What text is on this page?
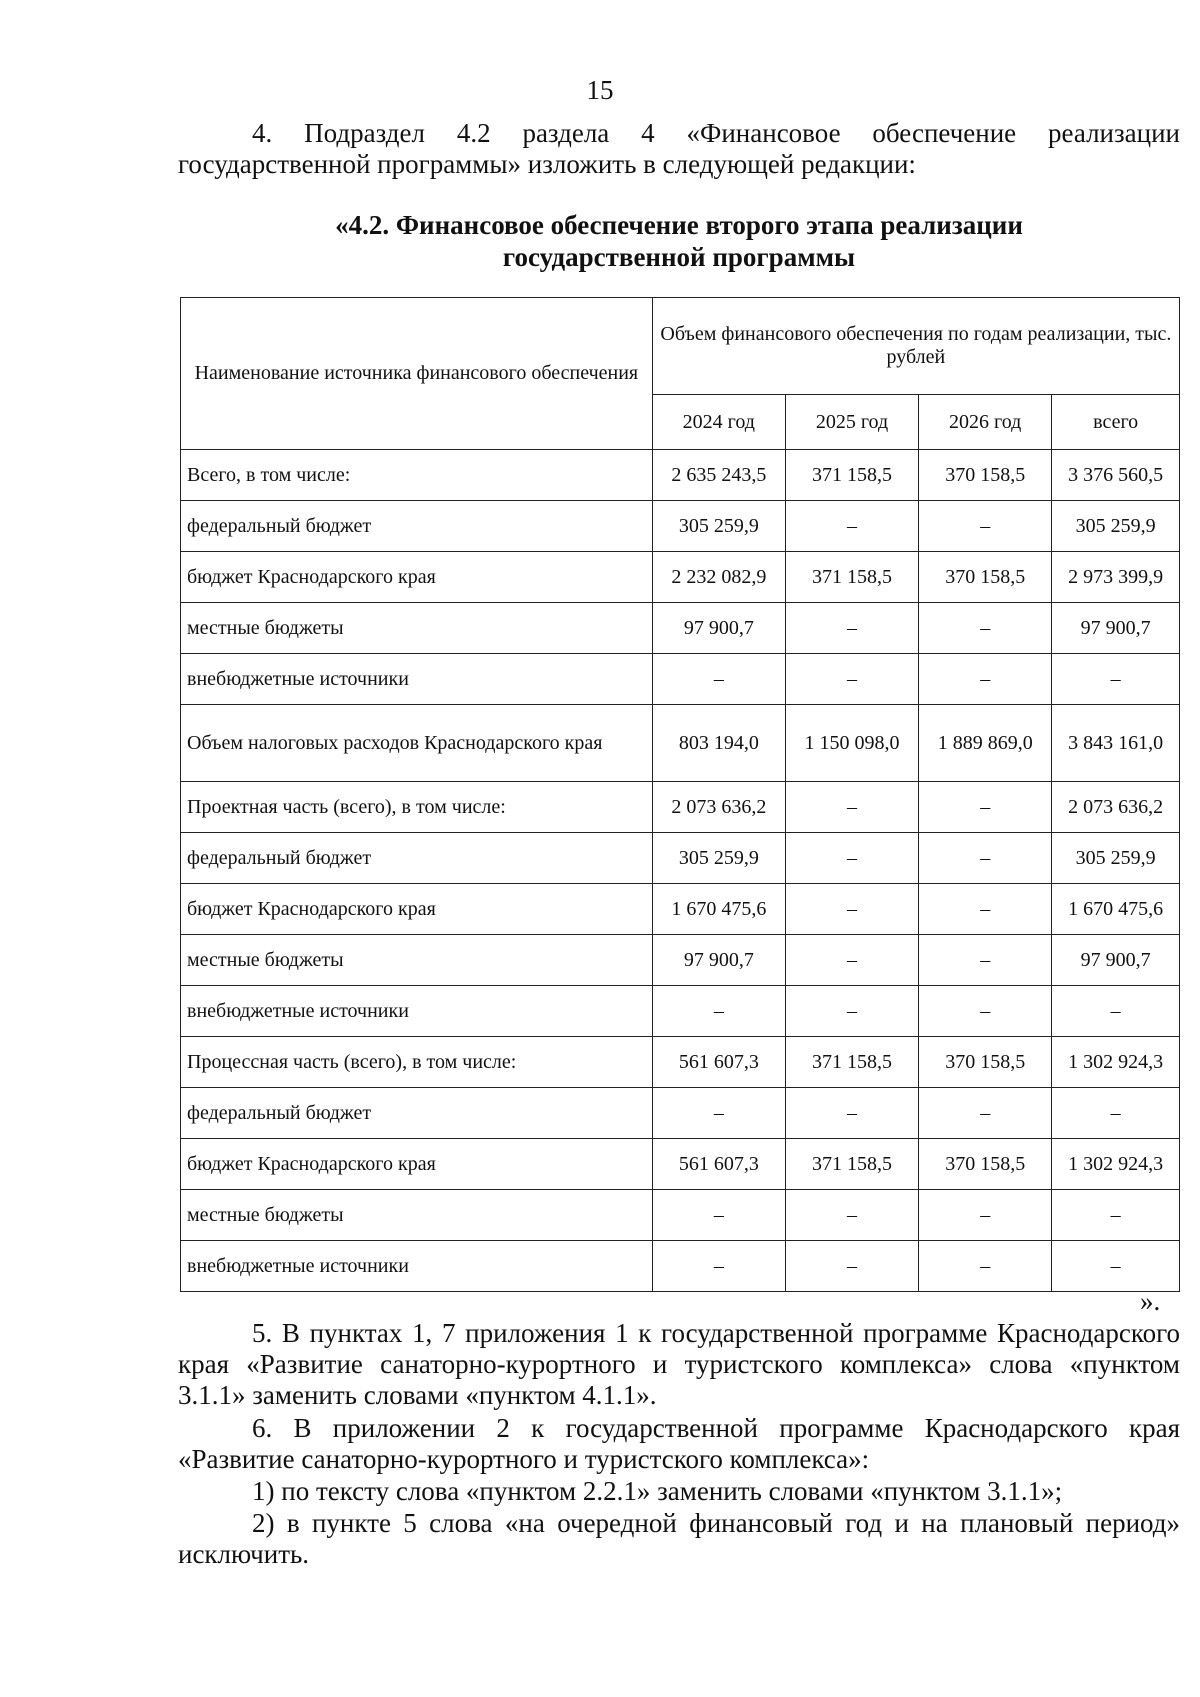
15

4. Подраздел 4.2 раздела 4 «Финансовое обеспечение реализации государственной программы» изложить в следующей редакции:

«4.2. Финансовое обеспечение второго этапа реализации
государственной программы
Наименование источника финансового обеспечения	Объем финансового обеспечения по годам реализации, тыс. рублей			
	2024 год	2025 год	2026 год	всего
Всего, в том числе:	2 635 243,5	371 158,5	370 158,5	3 376 560,5
федеральный бюджет	305 259,9	–	–	305 259,9
бюджет Краснодарского края	2 232 082,9	371 158,5	370 158,5	2 973 399,9
местные бюджеты	97 900,7	–	–	97 900,7
внебюджетные источники	–	–	–	–
Объем налоговых расходов Краснодарского края	803 194,0	1 150 098,0	1 889 869,0	3 843 161,0
Проектная часть (всего), в том числе:	2 073 636,2	–	–	2 073 636,2
федеральный бюджет	305 259,9	–	–	305 259,9
бюджет Краснодарского края	1 670 475,6	–	–	1 670 475,6
местные бюджеты	97 900,7	–	–	97 900,7
внебюджетные источники	–	–	–	–
Процессная часть (всего), в том числе:	561 607,3	371 158,5	370 158,5	1 302 924,3
федеральный бюджет	–	–	–	–
бюджет Краснодарского края	561 607,3	371 158,5	370 158,5	1 302 924,3
местные бюджеты	–	–	–	–
внебюджетные источники	–	–	–	–
».

5. В пунктах 1, 7 приложения 1 к государственной программе Краснодарского края «Развитие санаторно-курортного и туристского комплекса» слова «пунктом 3.1.1» заменить словами «пунктом 4.1.1».

6. В приложении 2 к государственной программе Краснодарского края «Развитие санаторно-курортного и туристского комплекса»:

1) по тексту слова «пунктом 2.2.1» заменить словами «пунктом 3.1.1»;

2) в пункте 5 слова «на очередной финансовый год и на плановый период» исключить.
